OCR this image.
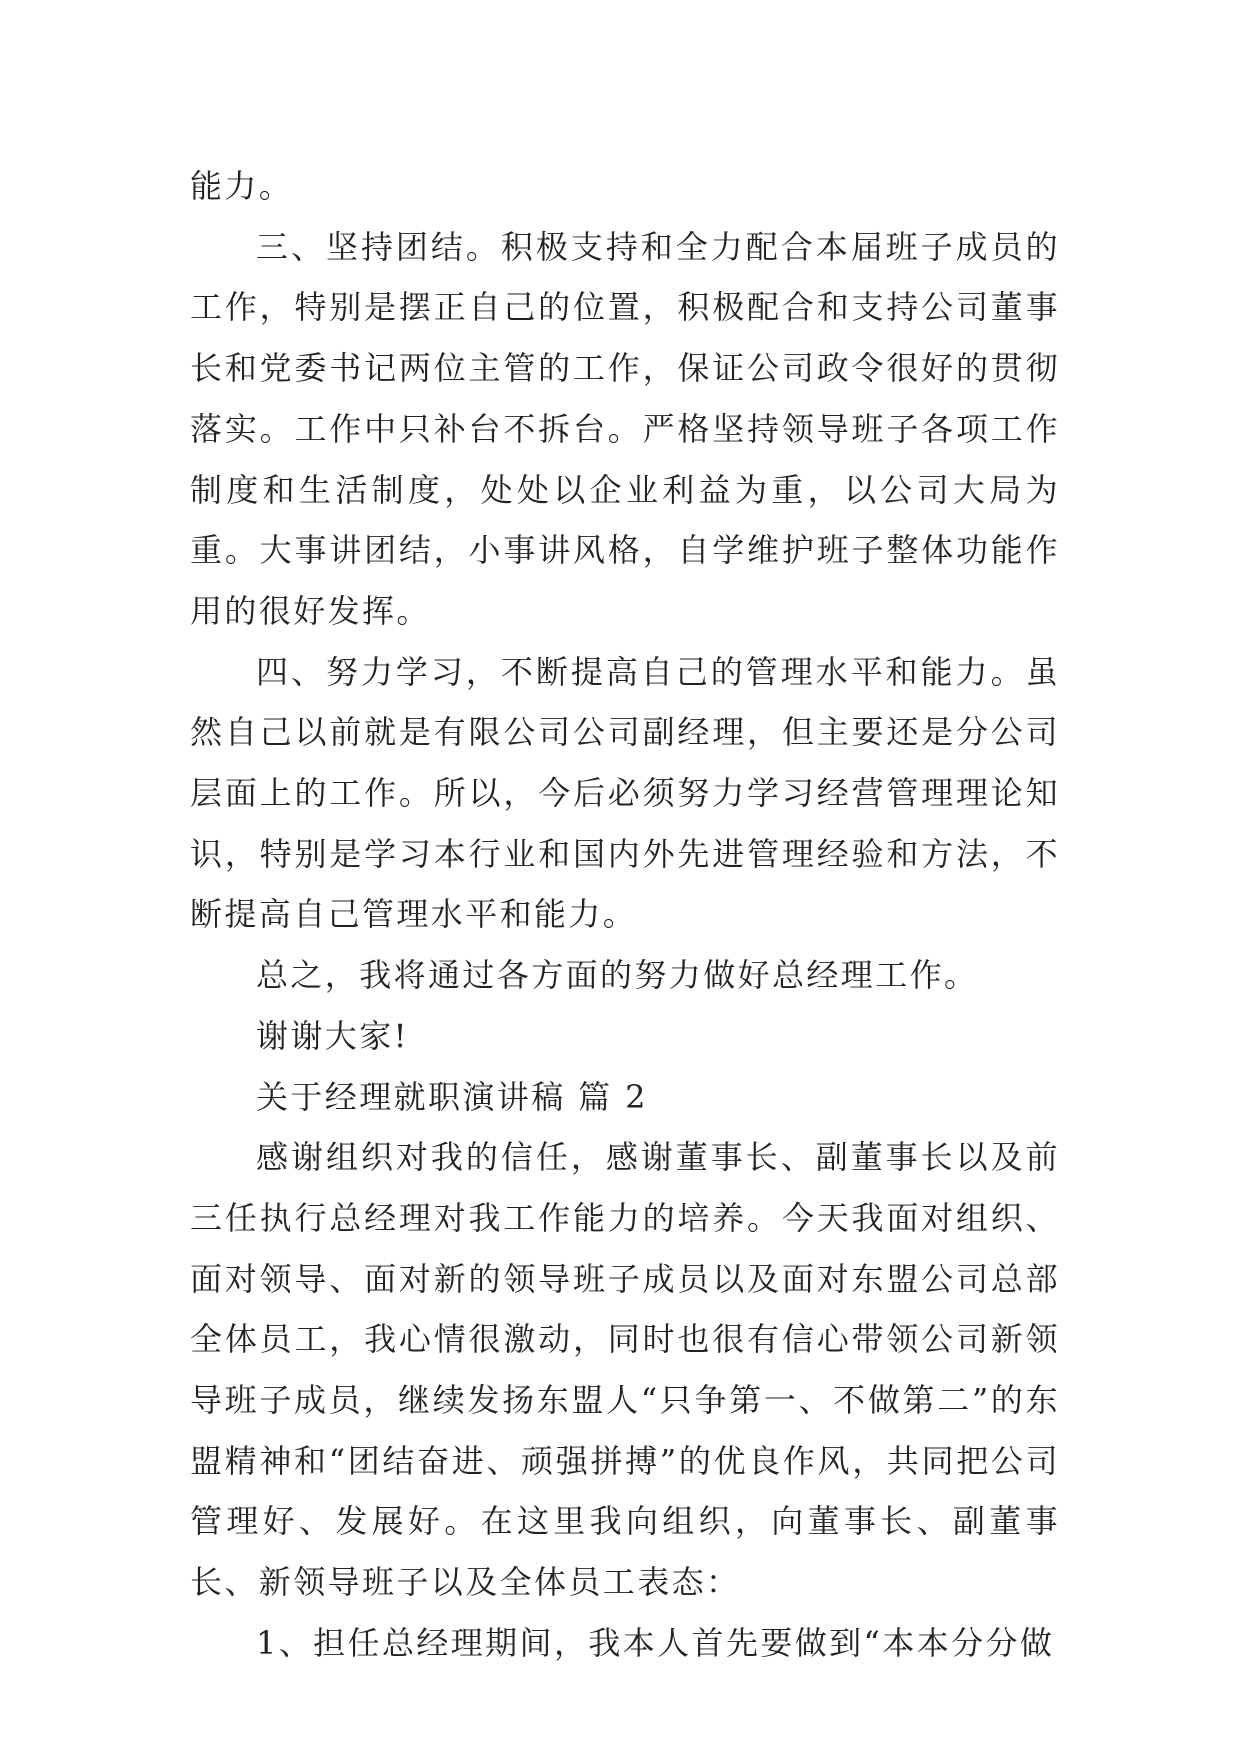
能力。

三、坚持团结。积极支持和全力配合本届班子成员的工作，特别是摆正自己的位置，积极配合和支持公司董事长和党委书记两位主管的工作，保证公司政令很好的贯彻落实。工作中只补台不拆台。严格坚持领导班子各项工作制度和生活制度，处处以企业利益为重，以公司大局为重。大事讲团结，小事讲风格，自学维护班子整体功能作用的很好发挥。

四、努力学习，不断提高自己的管理水平和能力。虽然自己以前就是有限公司公司副经理，但主要还是分公司层面上的工作。所以，今后必须努力学习经营管理理论知识，特别是学习本行业和国内外先进管理经验和方法，不断提高自己管理水平和能力。

总之，我将通过各方面的努力做好总经理工作。

谢谢大家!

关于经理就职演讲稿 篇 2

感谢组织对我的信任，感谢董事长、副董事长以及前三任执行总经理对我工作能力的培养。今天我面对组织、面对领导、面对新的领导班子成员以及面对东盟公司总部全体员工，我心情很激动，同时也很有信心带领公司新领导班子成员，继续发扬东盟人“只争第一、不做第二”的东盟精神和“团结奋进、顽强拼搏”的优良作风，共同把公司管理好、发展好。在这里我向组织，向董事长、副董事长、新领导班子以及全体员工表态：

1、担任总经理期间，我本人首先要做到“本本分分做
